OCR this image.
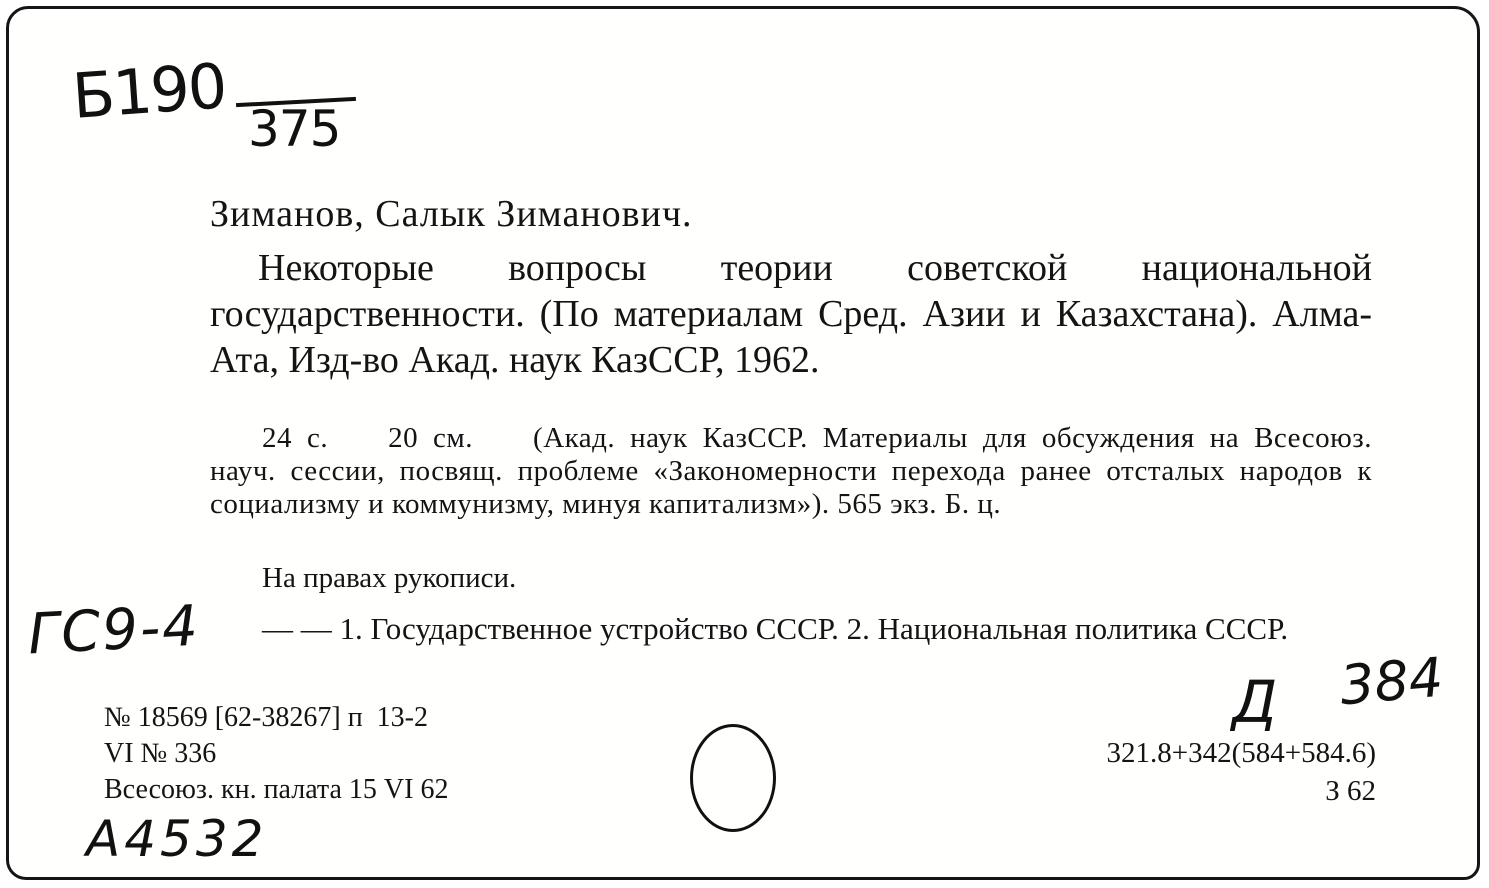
Б190 375
Зиманов, Салык Зиманович.
Некоторые вопросы теории советской национальной государственности. (По материалам Сред. Азии и Казахстана). Алма-Ата, Изд-во Акад. наук КазССР, 1962.
24 с. 20 см. (Акад. наук КазССР. Материалы для обсуждения на Всесоюз. науч. сессии, посвящ. проблеме «Закономерности перехода ранее отсталых народов к социализму и коммунизму, минуя капитализм»). 565 экз. Б. ц.
На правах рукописи.
— — 1. Государственное устройство СССР. 2. Национальная политика СССР.
ГС9-4
Д 384
№ 18569 [62-38267] п  13-2
VI № 336
Всесоюз. кн. палата 15 VI 62
321.8+342(584+584.6)
З 62
А4532
